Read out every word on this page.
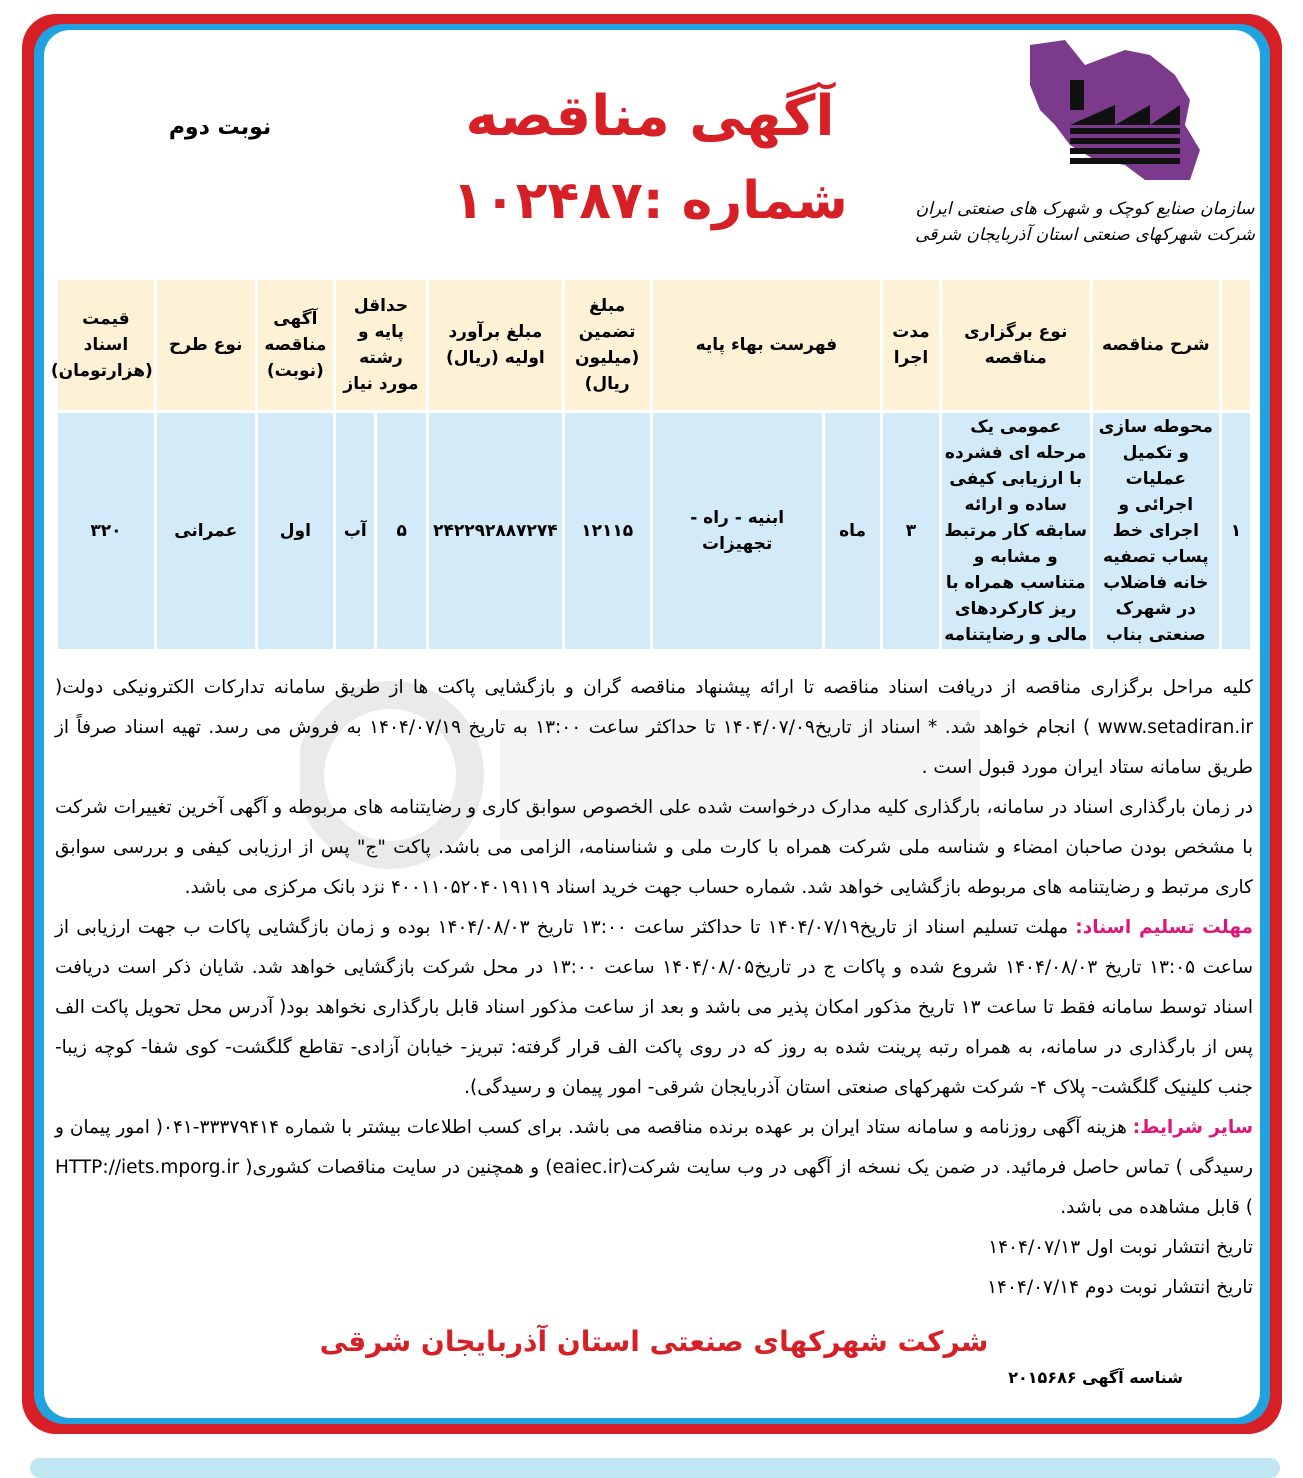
آگهی مناقصه
شماره :۱۰۲۴۸۷
نوبت دوم
سازمان صنایع کوچک و شهرک های صنعتی ایران
شرکت شهرکهای صنعتی استان آذربایجان شرقی
	شرح مناقصه	نوع برگزاری مناقصه	مدت اجرا	فهرست بهاء پایه		مبلغ تضمین (میلیون ریال)	مبلغ برآورد اولیه (ریال)	حداقل پایه و رشته مورد نیاز		آگهی مناقصه (نوبت)	نوع طرح	قیمت اسناد (هزارتومان)
۱	محوطه سازی و تکمیل عملیات اجرائی و اجرای خط پساب تصفیه خانه فاضلاب در شهرک صنعتی بناب	عمومی یک مرحله ای فشرده با ارزیابی کیفی ساده و ارائه سابقه کار مرتبط و مشابه و متناسب همراه با ریز کارکردهای مالی و رضایتنامه	۳	ماه	ابنیه - راه - تجهیزات	۱۲۱۱۵	۲۴۲۲۹۲۸۸۷۲۷۴	۵	آب	اول	عمرانی	۳۲۰

کلیه مراحل برگزاری مناقصه از دریافت اسناد مناقصه تا ارائه پیشنهاد مناقصه گران و بازگشایی پاکت ها از طریق سامانه تدارکات الکترونیکی دولت( www.setadiran.ir ) انجام خواهد شد. * اسناد از تاریخ۱۴۰۴/۰۷/۰۹ تا حداکثر ساعت ۱۳:۰۰ به تاریخ ۱۴۰۴/۰۷/۱۹ به فروش می رسد. تهیه اسناد صرفاً از طریق سامانه ستاد ایران مورد قبول است .

در زمان بارگذاری اسناد در سامانه، بارگذاری کلیه مدارک درخواست شده علی الخصوص سوابق کاری و رضایتنامه های مربوطه و آگهی آخرین تغییرات شرکت با مشخص بودن صاحبان امضاء و شناسه ملی شرکت همراه با کارت ملی و شناسنامه، الزامی می باشد. پاکت "ج" پس از ارزیابی کیفی و بررسی سوابق کاری مرتبط و رضایتنامه های مربوطه بازگشایی خواهد شد. شماره حساب جهت خرید اسناد ۴۰۰۱۱۰۵۲۰۴۰۱۹۱۱۹ نزد بانک مرکزی می باشد.

مهلت تسلیم اسناد: مهلت تسلیم اسناد از تاریخ۱۴۰۴/۰۷/۱۹ تا حداکثر ساعت ۱۳:۰۰ تاریخ ۱۴۰۴/۰۸/۰۳ بوده و زمان بازگشایی پاکات ب جهت ارزیابی از ساعت ۱۳:۰۵ تاریخ ۱۴۰۴/۰۸/۰۳ شروع شده و پاکات ج در تاریخ۱۴۰۴/۰۸/۰۵ ساعت ۱۳:۰۰ در محل شرکت بازگشایی خواهد شد. شایان ذکر است دریافت اسناد توسط سامانه فقط تا ساعت ۱۳ تاریخ مذکور امکان پذیر می باشد و بعد از ساعت مذکور اسناد قابل بارگذاری نخواهد بود( آدرس محل تحویل پاکت الف پس از بارگذاری در سامانه، به همراه رتبه پرینت شده به روز که در روی پاکت الف قرار گرفته: تبریز- خیابان آزادی- تقاطع گلگشت- کوی شفا- کوچه زیبا- جنب کلینیک گلگشت- پلاک ۴- شرکت شهرکهای صنعتی استان آذربایجان شرقی- امور پیمان و رسیدگی).

سایر شرایط: هزینه آگهی روزنامه و سامانه ستاد ایران بر عهده برنده مناقصه می باشد. برای کسب اطلاعات بیشتر با شماره ۳۳۳۷۹۴۱۴-۰۴۱( امور پیمان و رسیدگی ) تماس حاصل فرمائید. در ضمن یک نسخه از آگهی در وب سایت شرکت(eaiec.ir) و همچنین در سایت مناقصات کشوری( HTTP://iets.mporg.ir ) قابل مشاهده می باشد.

تاریخ انتشار نوبت اول ۱۴۰۴/۰۷/۱۳

تاریخ انتشار نوبت دوم ۱۴۰۴/۰۷/۱۴

شرکت شهرکهای صنعتی استان آذربایجان شرقی
شناسه آگهی ۲۰۱۵۶۸۶
